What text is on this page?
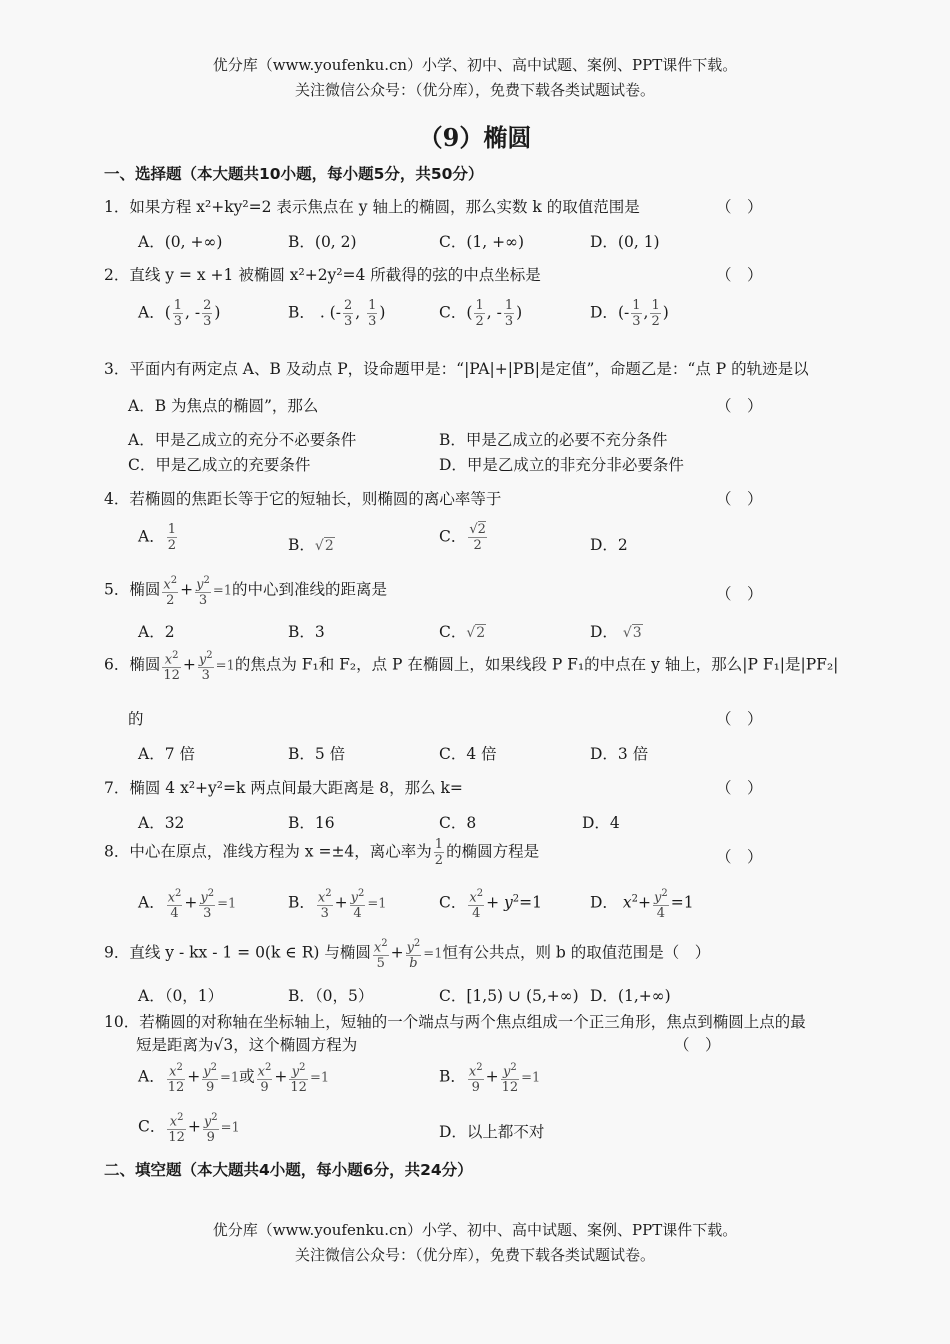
优分库（www.youfenku.cn）小学、初中、高中试题、案例、PPT课件下载。
关注微信公众号：（优分库），免费下载各类试题试卷。
（9）椭圆
一、选择题（本大题共10小题，每小题5分，共50分）
1．如果方程 x²+ky²=2 表示焦点在 y 轴上的椭圆，那么实数 k 的取值范围是	（　）
A．(0, +∞)	B．(0, 2)	C．(1, +∞)	D．(0, 1)
2．直线 y = x +1 被椭圆 x²+2y²=4 所截得的弦的中点坐标是	（　）
A．( $\frac{1}{3}$ , - $\frac{2}{3}$ )	B． . (- $\frac{2}{3}$ , $\frac{1}{3}$ )	C．( $\frac{1}{2}$ , - $\frac{1}{3}$ )	D．(- $\frac{1}{3}$ , $\frac{1}{2}$ )
3．平面内有两定点 A、B 及动点 P，设命题甲是：“|PA|+|PB|是定值”，命题乙是：“点 P 的轨迹是以
A．B 为焦点的椭圆”，那么	（　）
A．甲是乙成立的充分不必要条件	B．甲是乙成立的必要不充分条件
C．甲是乙成立的充要条件	D．甲是乙成立的非充分非必要条件
4．若椭圆的焦距长等于它的短轴长，则椭圆的离心率等于	（　）
A． $\frac{1}{2}$	B．√2
C． $\frac{√2}{2}$	D．2
5．椭圆 $\frac{x^2}{2} + \frac{y^2}{3} =1$的中心到准线的距离是	（　）
A．2	B．3	C．√2	D． √3
6．椭圆 $\frac{x^2}{12} + \frac{y^2}{3} =1$的焦点为 F₁和 F₂，点 P 在椭圆上，如果线段 P F₁的中点在 y 轴上，那么|P F₁|是|PF₂|
的	（　）
A．7 倍	B．5 倍	C．4 倍	D．3 倍
7．椭圆 4 x²+y²=k 两点间最大距离是 8，那么 k=	（　）
A．32	B．16	C．8	D．4
8．中心在原点，准线方程为 x =±4，离心率为 $\frac{1}{2}$ 的椭圆方程是	（　）
A． $\frac{x^2}{4} + \frac{y^2}{3} =1$	B． $\frac{x^2}{3} + \frac{y^2}{4} =1$	C． $\frac{x^2}{4} + y^2=1$	D． $x^2+ \frac{y^2}{4} =1$
9．直线 y - kx - 1 = 0(k ∈ R) 与椭圆 $\frac{x^2}{5} + \frac{y^2}{b} =1$恒有公共点，则 b 的取值范围是（　）
A．（0，1）	B．（0，5）	C．[1,5) ∪ (5,+∞) D．(1,+∞)
10．若椭圆的对称轴在坐标轴上，短轴的一个端点与两个焦点组成一个正三角形，焦点到椭圆上点的最
短是距离为√3，这个椭圆方程为	（　）
A． $\frac{x^2}{12} + \frac{y^2}{9} =1$或 $\frac{x^2}{9} + \frac{y^2}{12} =1$	B． $\frac{x^2}{9} + \frac{y^2}{12} =1$
C． $\frac{x^2}{12} + \frac{y^2}{9} =1$	D．以上都不对
二、填空题（本大题共4小题，每小题6分，共24分）
优分库（www.youfenku.cn）小学、初中、高中试题、案例、PPT课件下载。
关注微信公众号：（优分库），免费下载各类试题试卷。
